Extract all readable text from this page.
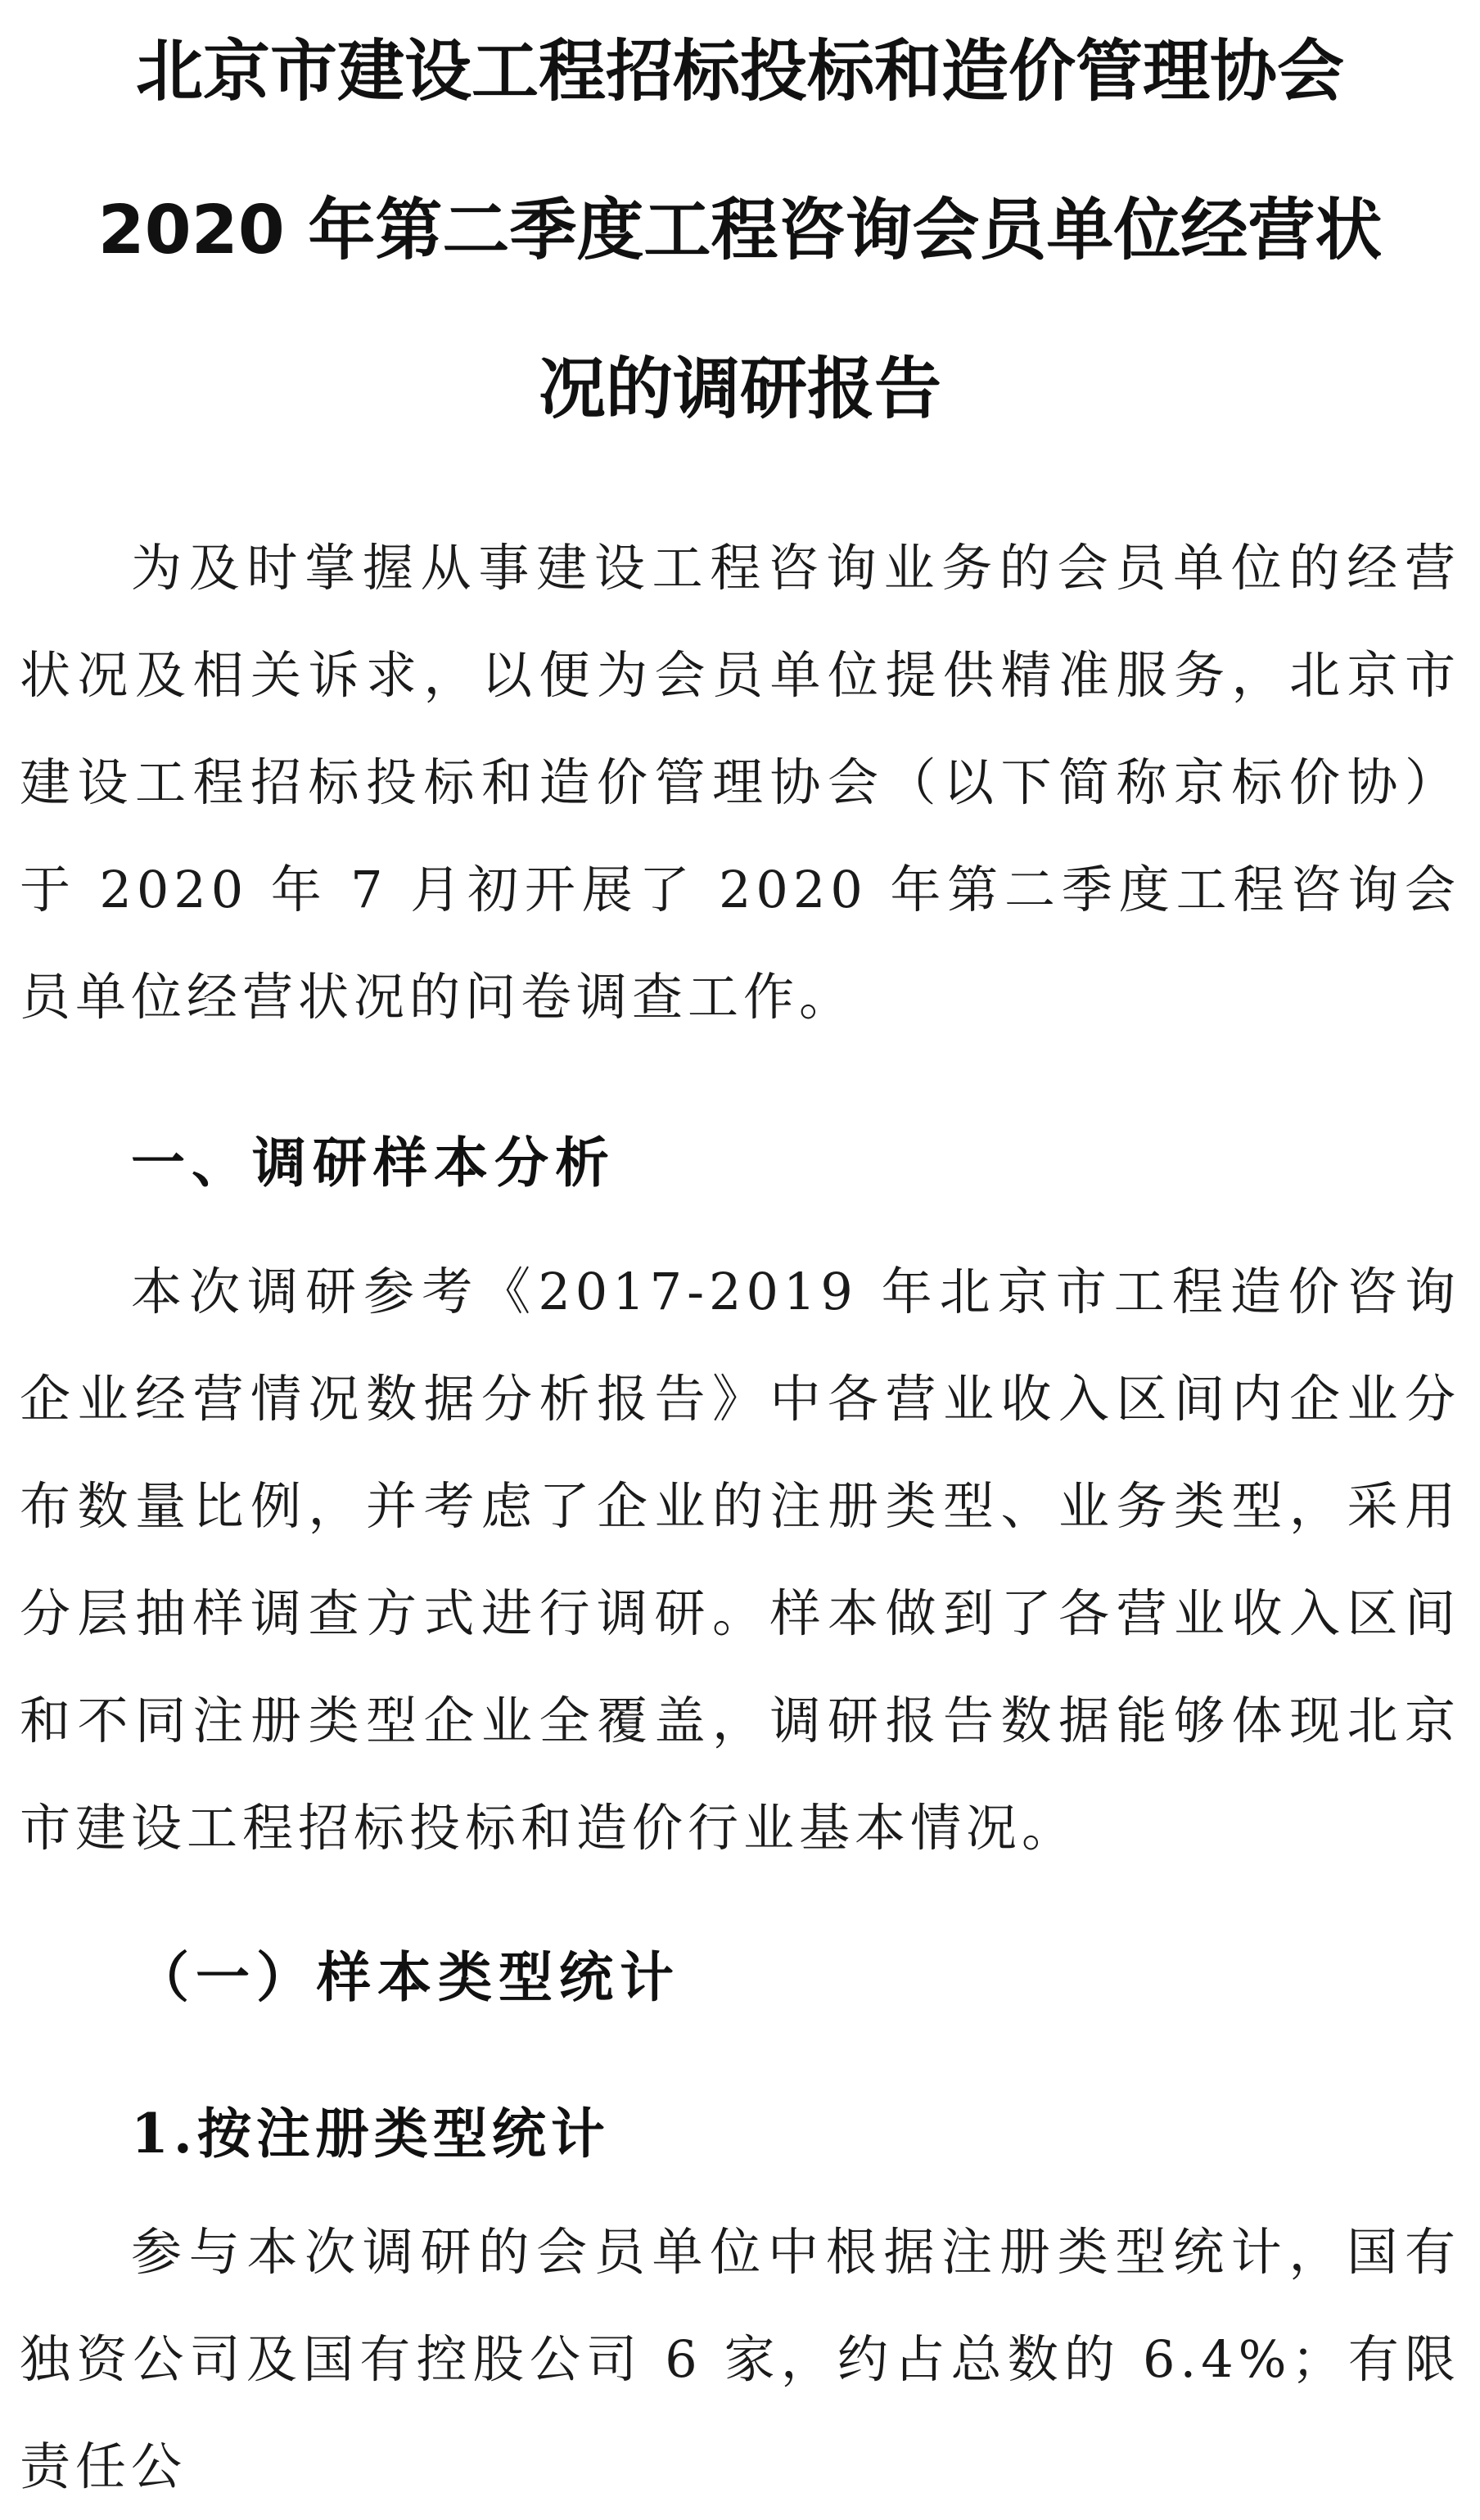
北京市建设工程招标投标和造价管理协会
2020 年第二季度工程咨询会员单位经营状
况的调研报告

为及时掌握从事建设工程咨询业务的会员单位的经营状况及相关诉求，以便为会员单位提供精准服务，北京市建设工程招标投标和造价管理协会（以下简称京标价协）于 2020 年 7 月初开展了 2020 年第二季度工程咨询会员单位经营状况的问卷调查工作。

一、调研样本分析

本次调研参考《2017-2019 年北京市工程造价咨询企业经营情况数据分析报告》中各营业收入区间内企业分布数量比例，并考虑了企业的注册类型、业务类型，采用分层抽样调查方式进行调研。样本做到了各营业收入区间和不同注册类型企业全覆盖，调研报告数据能够体现北京市建设工程招标投标和造价行业基本情况。

（一）样本类型统计
1.按注册类型统计

参与本次调研的会员单位中根据注册类型统计，国有独资公司及国有控股公司 6 家，约占总数的 6.4%；有限责任公
